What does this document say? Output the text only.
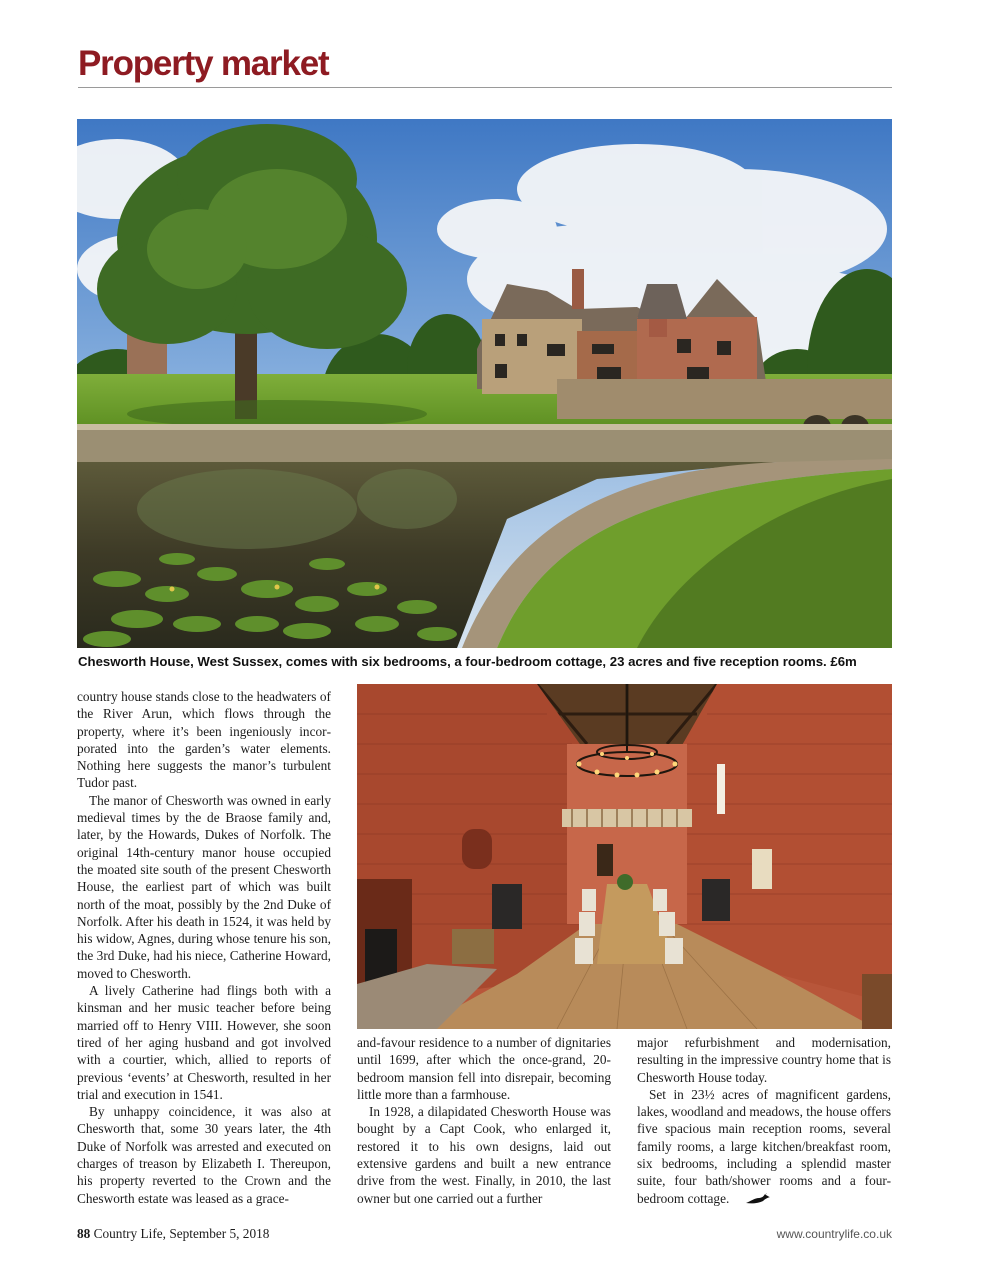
Property market

Chesworth House, West Sussex, comes with six bedrooms, a four-bedroom cottage, 23 acres and five reception rooms. £6m

country house stands close to the headwaters of the River Arun, which flows through the property, where it’s been ingeniously incorporated into the garden’s water elements. Nothing here suggests the manor’s turbulent Tudor past.

The manor of Chesworth was owned in early medieval times by the de Braose family and, later, by the Howards, Dukes of Norfolk. The original 14th-century manor house occupied the moated site south of the present Chesworth House, the earliest part of which was built north of the moat, possibly by the 2nd Duke of Norfolk. After his death in 1524, it was held by his widow, Agnes, during whose tenure his son, the 3rd Duke, had his niece, Catherine Howard, moved to Chesworth.

A lively Catherine had flings both with a kinsman and her music teacher before being married off to Henry VIII. However, she soon tired of her aging husband and got involved with a courtier, which, allied to reports of previous ‘events’ at Chesworth, resulted in her trial and execution in 1541.

By unhappy coincidence, it was also at Chesworth that, some 30 years later, the 4th Duke of Norfolk was arrested and executed on charges of treason by Elizabeth I. Thereupon, his property reverted to the Crown and the Chesworth estate was leased as a grace-

and-favour residence to a number of dignitaries until 1699, after which the once-grand, 20-bedroom mansion fell into disrepair, becoming little more than a farmhouse.

In 1928, a dilapidated Chesworth House was bought by a Capt Cook, who enlarged it, restored it to his own designs, laid out extensive gardens and built a new entrance drive from the west. Finally, in 2010, the last owner but one carried out a further

major refurbishment and modernisation, resulting in the impressive country home that is Chesworth House today.

Set in 23½ acres of magnificent gardens, lakes, woodland and meadows, the house offers five spacious main reception rooms, several family rooms, a large kitchen/breakfast room, six bedrooms, including a splendid master suite, four bath/shower rooms and a four-bedroom cottage.

88 Country Life, September 5, 2018	www.countrylife.co.uk
